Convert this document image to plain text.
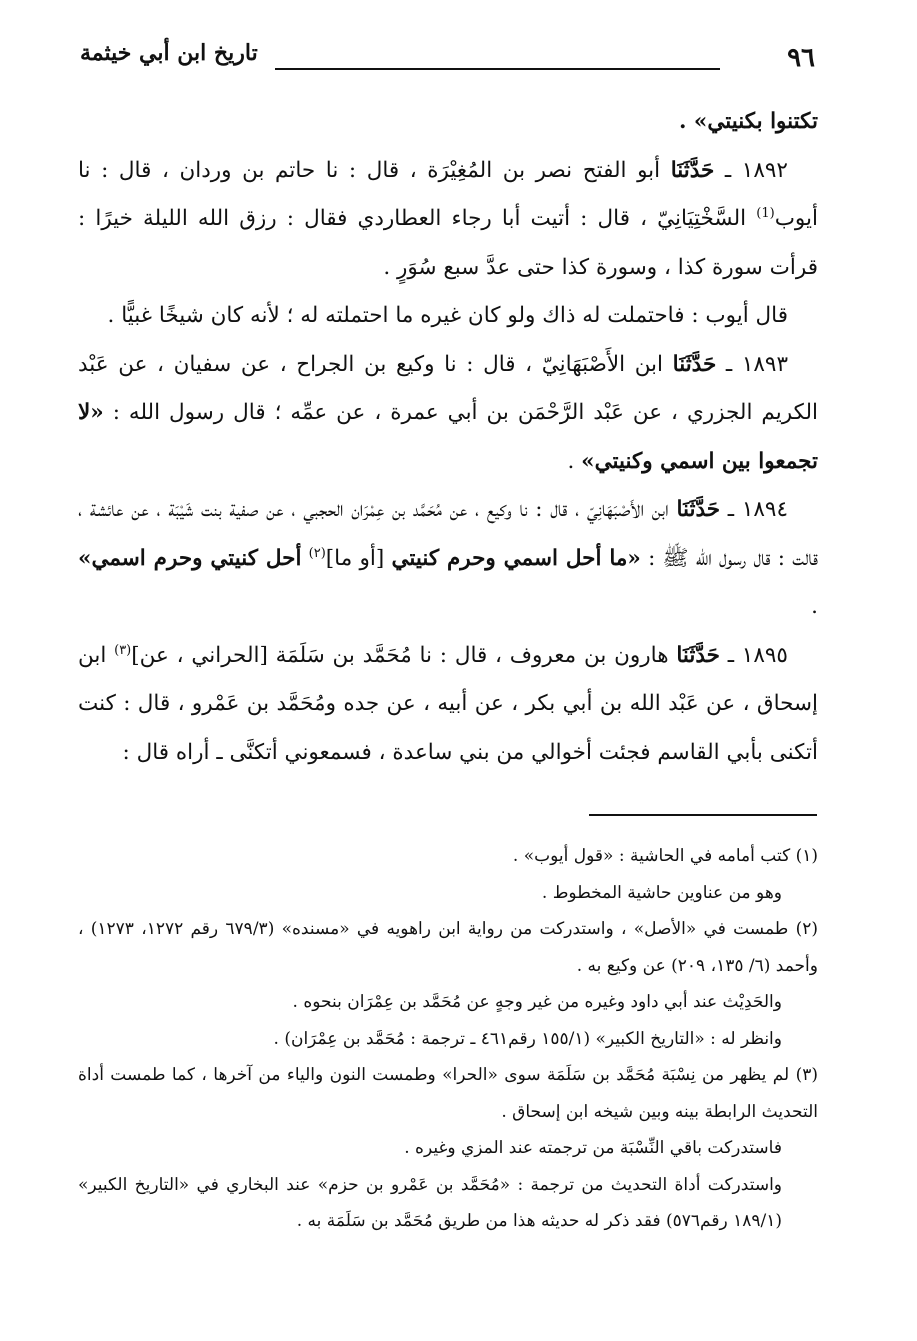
٩٦
تاريخ ابن أبي خيثمة

تكتنوا بكنيتي» .

١٨٩٢ ـ حَدَّثَنَا أبو الفتح نصر بن المُغِيْرَة ، قال : نا حاتم بن وردان ، قال : نا أيوب$^{(1)}$ السَّخْتِيَانِيّ ، قال : أتيت أبا رجاء العطاردي فقال : رزق الله الليلة خيرًا : قرأت سورة كذا ، وسورة كذا حتى عدَّ سبع سُوَرٍ .

قال أيوب : فاحتملت له ذاك ولو كان غيره ما احتملته له ؛ لأنه كان شيخًا غبيًّا .

١٨٩٣ ـ حَدَّثَنَا ابن الأَصْبَهَانِيّ ، قال : نا وكيع بن الجراح ، عن سفيان ، عن عَبْد الكريم الجزري ، عن عَبْد الرَّحْمَن بن أبي عمرة ، عن عمِّه ؛ قال رسول الله : «لا تجمعوا بين اسمي وكنيتي» .

١٨٩٤ ـ حَدَّثَنَا ابن الأَصْبَهَانِيّ ، قال : نا وكيع ، عن مُحَمَّد بن عِمْرَان الحجبي ، عن صفية بنت شَيْبَة ، عن عائشة ، قالت : قال رسول الله ﷺ : «ما أحل اسمي وحرم كنيتي [أو ما]$^{(٢)}$ أحل كنيتي وحرم اسمي» .

١٨٩٥ ـ حَدَّثَنَا هارون بن معروف ، قال : نا مُحَمَّد بن سَلَمَة [الحراني ، عن]$^{(٣)}$ ابن إسحاق ، عن عَبْد الله بن أبي بكر ، عن أبيه ، عن جده ومُحَمَّد بن عَمْرو ، قال : كنت أتكنى بأبي القاسم فجئت أخوالي من بني ساعدة ، فسمعوني أتكنَّى ـ أراه قال :

(١) كتب أمامه في الحاشية : «قول أيوب» .

وهو من عناوين حاشية المخطوط .

(٢) طمست في «الأصل» ، واستدركت من رواية ابن راهويه في «مسنده» (٦٧٩/٣ رقم ١٢٧٢، ١٢٧٣) ، وأحمد (٦/ ١٣٥، ٢٠٩) عن وكيع به .

والحَدِيْث عند أبي داود وغيره من غير وجهٍ عن مُحَمَّد بن عِمْرَان بنحوه .

وانظر له : «التاريخ الكبير» (١٥٥/١ رقم٤٦١ ـ ترجمة : مُحَمَّد بن عِمْرَان) .

(٣) لم يظهر من نِسْبَة مُحَمَّد بن سَلَمَة سوى «الحرا» وطمست النون والياء من آخرها ، كما طمست أداة التحديث الرابطة بينه وبين شيخه ابن إسحاق .

فاستدركت باقي النِّسْبَة من ترجمته عند المزي وغيره .

واستدركت أداة التحديث من ترجمة : «مُحَمَّد بن عَمْرو بن حزم» عند البخاري في «التاريخ الكبير» (١٨٩/١ رقم٥٧٦) فقد ذكر له حديثه هذا من طريق مُحَمَّد بن سَلَمَة به .
